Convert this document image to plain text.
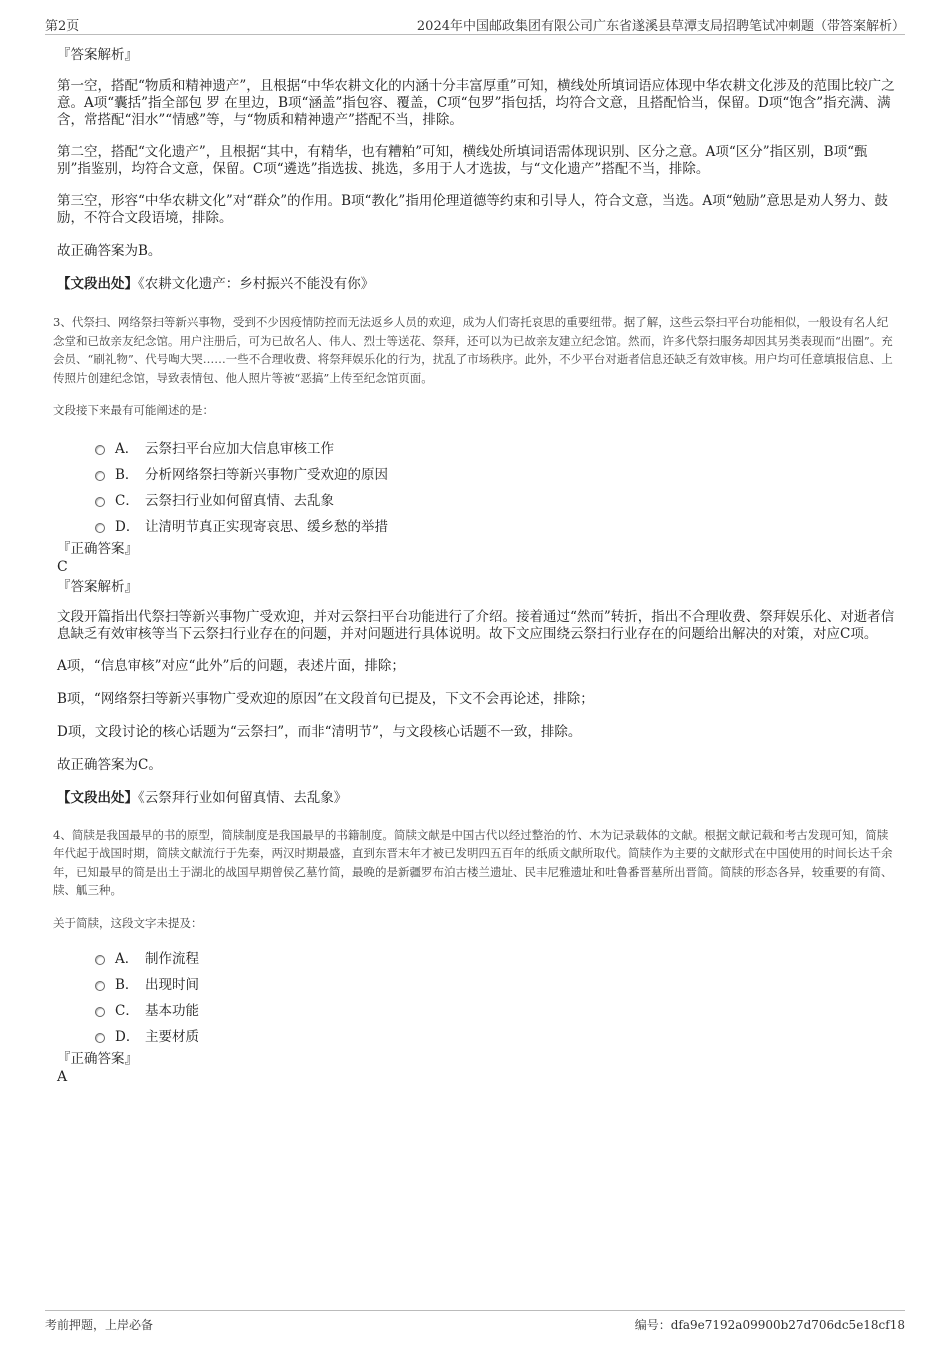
第2页	2024年中国邮政集团有限公司广东省遂溪县草潭支局招聘笔试冲刺题（带答案解析）
『答案解析』

第一空，搭配“物质和精神遗产”，且根据“中华农耕文化的内涵十分丰富厚重”可知，横线处所填词语应体现中华农耕文化涉及的范围比较广之意。A项“囊括”指全部包 罗 在里边，B项“涵盖”指包容、覆盖，C项“包罗”指包括，均符合文意，且搭配恰当，保留。D项“饱含”指充满、满含，常搭配“泪水”“情感”等，与“物质和精神遗产”搭配不当，排除。

第二空，搭配“文化遗产”，且根据“其中，有精华，也有糟粕”可知，横线处所填词语需体现识别、区分之意。A项“区分”指区别，B项“甄别”指鉴别，均符合文意，保留。C项“遴选”指选拔、挑选，多用于人才选拔，与“文化遗产”搭配不当，排除。

第三空，形容“中华农耕文化”对“群众”的作用。B项“教化”指用伦理道德等约束和引导人，符合文意，当选。A项“勉励”意思是劝人努力、鼓励，不符合文段语境，排除。

故正确答案为B。

【文段出处】《农耕文化遗产：乡村振兴不能没有你》

3、代祭扫、网络祭扫等新兴事物，受到不少因疫情防控而无法返乡人员的欢迎，成为人们寄托哀思的重要纽带。据了解，这些云祭扫平台功能相似，一般设有名人纪念堂和已故亲友纪念馆。用户注册后，可为已故名人、伟人、烈士等送花、祭拜，还可以为已故亲友建立纪念馆。然而，许多代祭扫服务却因其另类表现而“出圈”。充会员、“刷礼物”、代号啕大哭……一些不合理收费、将祭拜娱乐化的行为，扰乱了市场秩序。此外，不少平台对逝者信息还缺乏有效审核。用户均可任意填报信息、上传照片创建纪念馆，导致表情包、他人照片等被“恶搞”上传至纪念馆页面。

文段接下来最有可能阐述的是：

A． 云祭扫平台应加大信息审核工作
B． 分析网络祭扫等新兴事物广受欢迎的原因
C． 云祭扫行业如何留真情、去乱象
D． 让清明节真正实现寄哀思、缓乡愁的举措
『正确答案』
C
『答案解析』

文段开篇指出代祭扫等新兴事物广受欢迎，并对云祭扫平台功能进行了介绍。接着通过“然而”转折，指出不合理收费、祭拜娱乐化、对逝者信息缺乏有效审核等当下云祭扫行业存在的问题，并对问题进行具体说明。故下文应围绕云祭扫行业存在的问题给出解决的对策，对应C项。

A项，“信息审核”对应“此外”后的问题，表述片面，排除；

B项，“网络祭扫等新兴事物广受欢迎的原因”在文段首句已提及，下文不会再论述，排除；

D项，文段讨论的核心话题为“云祭扫”，而非“清明节”，与文段核心话题不一致，排除。

故正确答案为C。

【文段出处】《云祭拜行业如何留真情、去乱象》

4、简牍是我国最早的书的原型，简牍制度是我国最早的书籍制度。简牍文献是中国古代以经过整治的竹、木为记录载体的文献。根据文献记载和考古发现可知，简牍年代起于战国时期，简牍文献流行于先秦，两汉时期最盛，直到东晋末年才被已发明四五百年的纸质文献所取代。简牍作为主要的文献形式在中国使用的时间长达千余年，已知最早的简是出土于湖北的战国早期曾侯乙墓竹简，最晚的是新疆罗布泊古楼兰遗址、民丰尼雅遗址和吐鲁番晋墓所出晋简。简牍的形态各异，较重要的有简、牍、觚三种。

关于简牍，这段文字未提及：

A． 制作流程
B． 出现时间
C． 基本功能
D． 主要材质
『正确答案』
A
考前押题，上岸必备	编号：dfa9e7192a09900b27d706dc5e18cf18
